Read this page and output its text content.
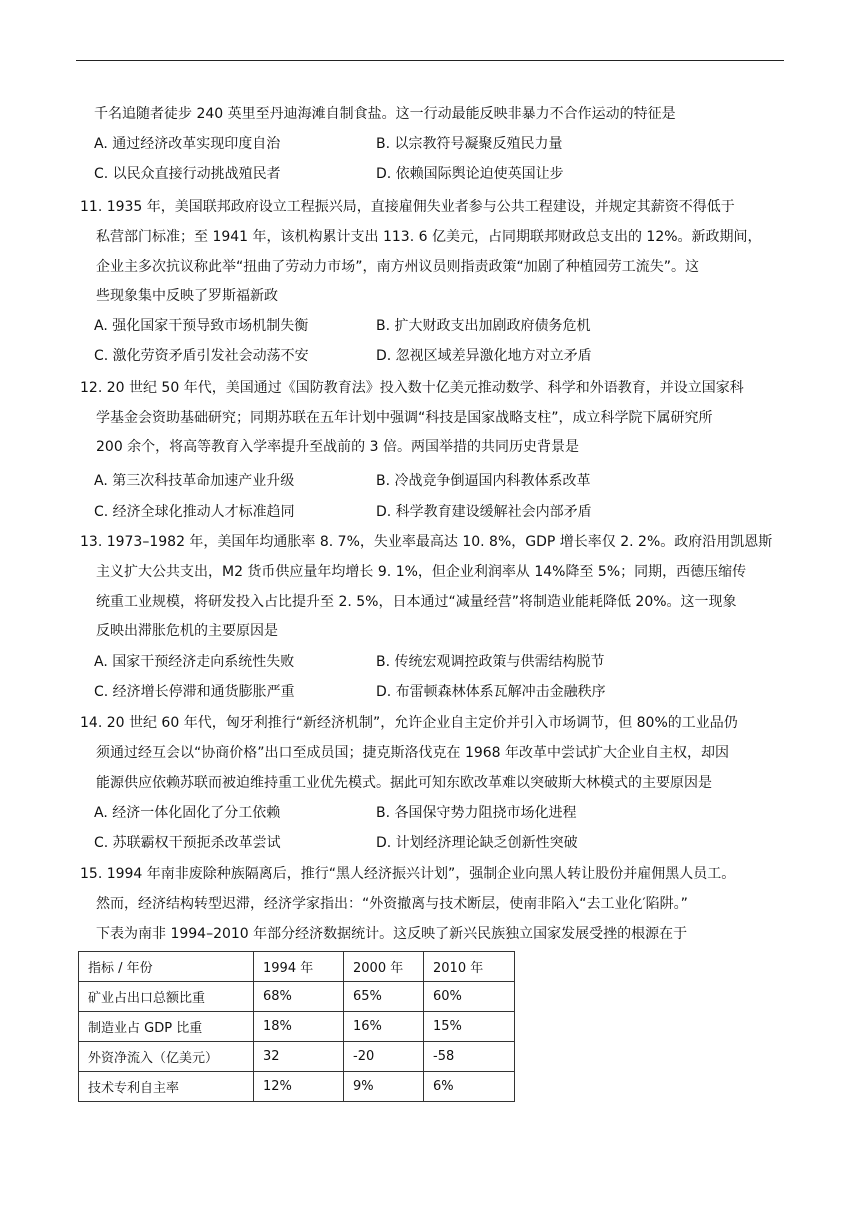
千名追随者徒步 240 英里至丹迪海滩自制食盐。这一行动最能反映非暴力不合作运动的特征是
A. 通过经济改革实现印度自治	B. 以宗教符号凝聚反殖民力量
C. 以民众直接行动挑战殖民者	D. 依赖国际舆论迫使英国让步
11. 1935 年，美国联邦政府设立工程振兴局，直接雇佣失业者参与公共工程建设，并规定其薪资不得低于
私营部门标准；至 1941 年，该机构累计支出 113. 6 亿美元，占同期联邦财政总支出的 12%。新政期间，
企业主多次抗议称此举“扭曲了劳动力市场”，南方州议员则指责政策“加剧了种植园劳工流失”。这
些现象集中反映了罗斯福新政
A. 强化国家干预导致市场机制失衡	B. 扩大财政支出加剧政府债务危机
C. 激化劳资矛盾引发社会动荡不安	D. 忽视区域差异激化地方对立矛盾
12. 20 世纪 50 年代，美国通过《国防教育法》投入数十亿美元推动数学、科学和外语教育，并设立国家科
学基金会资助基础研究；同期苏联在五年计划中强调“科技是国家战略支柱”，成立科学院下属研究所
200 余个，将高等教育入学率提升至战前的 3 倍。两国举措的共同历史背景是
A. 第三次科技革命加速产业升级	B. 冷战竞争倒逼国内科教体系改革
C. 经济全球化推动人才标准趋同	D. 科学教育建设缓解社会内部矛盾
13. 1973–1982 年，美国年均通胀率 8. 7%，失业率最高达 10. 8%，GDP 增长率仅 2. 2%。政府沿用凯恩斯
主义扩大公共支出，M2 货币供应量年均增长 9. 1%，但企业利润率从 14%降至 5%；同期，西德压缩传
统重工业规模，将研发投入占比提升至 2. 5%，日本通过“减量经营”将制造业能耗降低 20%。这一现象
反映出滞胀危机的主要原因是
A. 国家干预经济走向系统性失败	B. 传统宏观调控政策与供需结构脱节
C. 经济增长停滞和通货膨胀严重	D. 布雷顿森林体系瓦解冲击金融秩序
14. 20 世纪 60 年代，匈牙利推行“新经济机制”，允许企业自主定价并引入市场调节，但 80%的工业品仍
须通过经互会以“协商价格”出口至成员国；捷克斯洛伐克在 1968 年改革中尝试扩大企业自主权，却因
能源供应依赖苏联而被迫维持重工业优先模式。据此可知东欧改革难以突破斯大林模式的主要原因是
A. 经济一体化固化了分工依赖	B. 各国保守势力阻挠市场化进程
C. 苏联霸权干预扼杀改革尝试	D. 计划经济理论缺乏创新性突破
15. 1994 年南非废除种族隔离后，推行“黑人经济振兴计划”，强制企业向黑人转让股份并雇佣黑人员工。
然而，经济结构转型迟滞，经济学家指出：“外资撤离与技术断层，使南非陷入“去工业化′陷阱。”
下表为南非 1994–2010 年部分经济数据统计。这反映了新兴民族独立国家发展受挫的根源在于
指标 / 年份	1994 年	2000 年	2010 年
矿业占出口总额比重	68%	65%	60%
制造业占 GDP 比重	18%	16%	15%
外资净流入（亿美元）	32	-20	-58
技术专利自主率	12%	9%	6%
